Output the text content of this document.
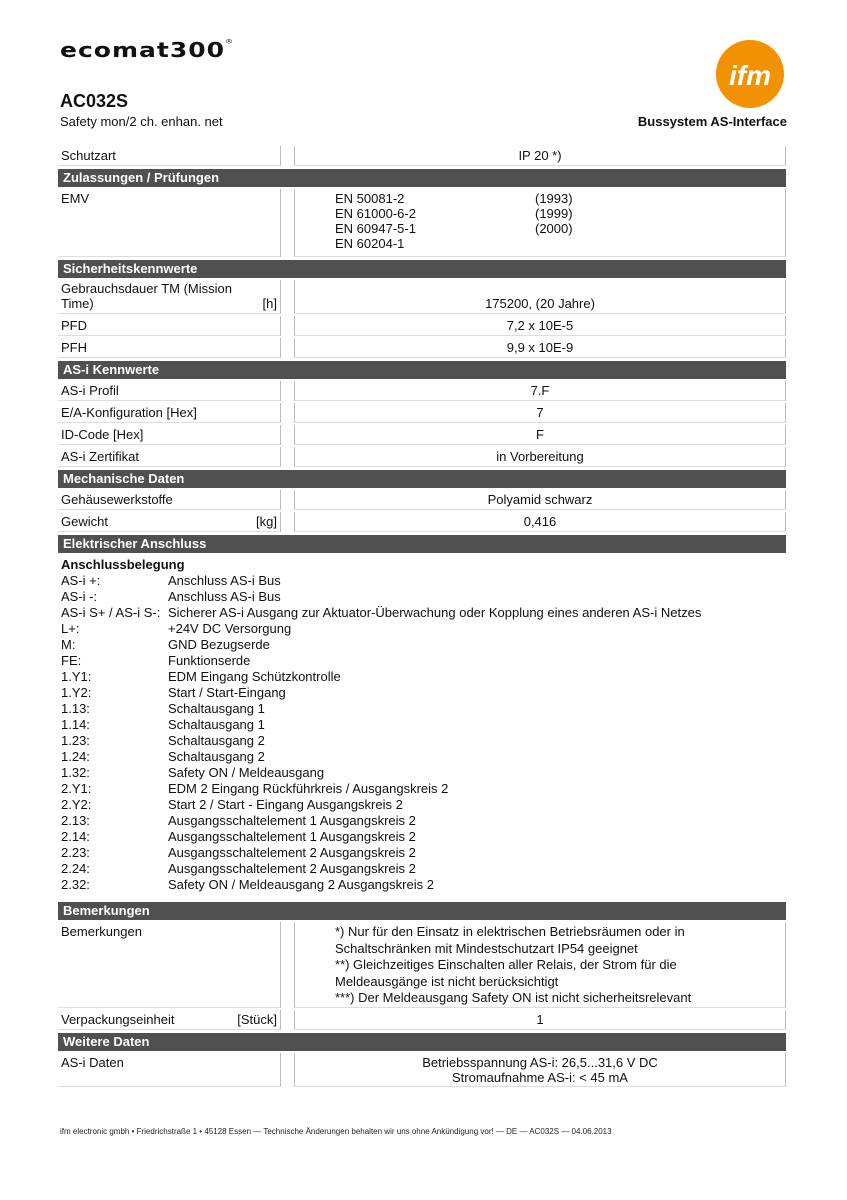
ecomat300®
ifm
AC032S
Safety mon/2 ch. enhan. net	Bussystem AS-Interface
Schutzart	IP 20 *)
Zulassungen / Prüfungen
EMV	EN 50081-2	(1993)
EN 61000-6-2	(1999)
EN 60947-5-1	(2000)
EN 60204-1
Sicherheitskennwerte
Gebrauchsdauer TM (Mission Time)	[h]	175200, (20 Jahre)
PFD	7,2 x 10E-5
PFH	9,9 x 10E-9
AS-i Kennwerte
AS-i Profil	7.F
E/A-Konfiguration [Hex]	7
ID-Code [Hex]	F
AS-i Zertifikat	in Vorbereitung
Mechanische Daten
Gehäusewerkstoffe	Polyamid schwarz
Gewicht	[kg]	0,416
Elektrischer Anschluss
Anschlussbelegung
AS-i +:	Anschluss AS-i Bus
AS-i -:	Anschluss AS-i Bus
AS-i S+ / AS-i S-: Sicherer AS-i Ausgang zur Aktuator-Überwachung oder Kopplung eines anderen AS-i Netzes
L+:	+24V DC Versorgung
M:	GND Bezugserde
FE:	Funktionserde
1.Y1:	EDM Eingang Schützkontrolle
1.Y2:	Start / Start-Eingang
1.13:	Schaltausgang 1
1.14:	Schaltausgang 1
1.23:	Schaltausgang 2
1.24:	Schaltausgang 2
1.32:	Safety ON / Meldeausgang
2.Y1:	EDM 2 Eingang Rückführkreis / Ausgangskreis 2
2.Y2:	Start 2 / Start - Eingang Ausgangskreis 2
2.13:	Ausgangsschaltelement 1 Ausgangskreis 2
2.14:	Ausgangsschaltelement 1 Ausgangskreis 2
2.23:	Ausgangsschaltelement 2 Ausgangskreis 2
2.24:	Ausgangsschaltelement 2 Ausgangskreis 2
2.32:	Safety ON / Meldeausgang 2 Ausgangskreis 2
Bemerkungen
Bemerkungen	*) Nur für den Einsatz in elektrischen Betriebsräumen oder in
Schaltschränken mit Mindestschutzart IP54 geeignet
**) Gleichzeitiges Einschalten aller Relais, der Strom für die
Meldeausgänge ist nicht berücksichtigt
***) Der Meldeausgang Safety ON ist nicht sicherheitsrelevant
Verpackungseinheit	[Stück]	1
Weitere Daten
AS-i Daten	Betriebsspannung AS-i: 26,5...31,6 V DC
Stromaufnahme AS-i: < 45 mA
ifm electronic gmbh • Friedrichstraße 1 • 45128 Essen — Technische Änderungen behalten wir uns ohne Ankündigung vor! — DE — AC032S — 04.06.2013
